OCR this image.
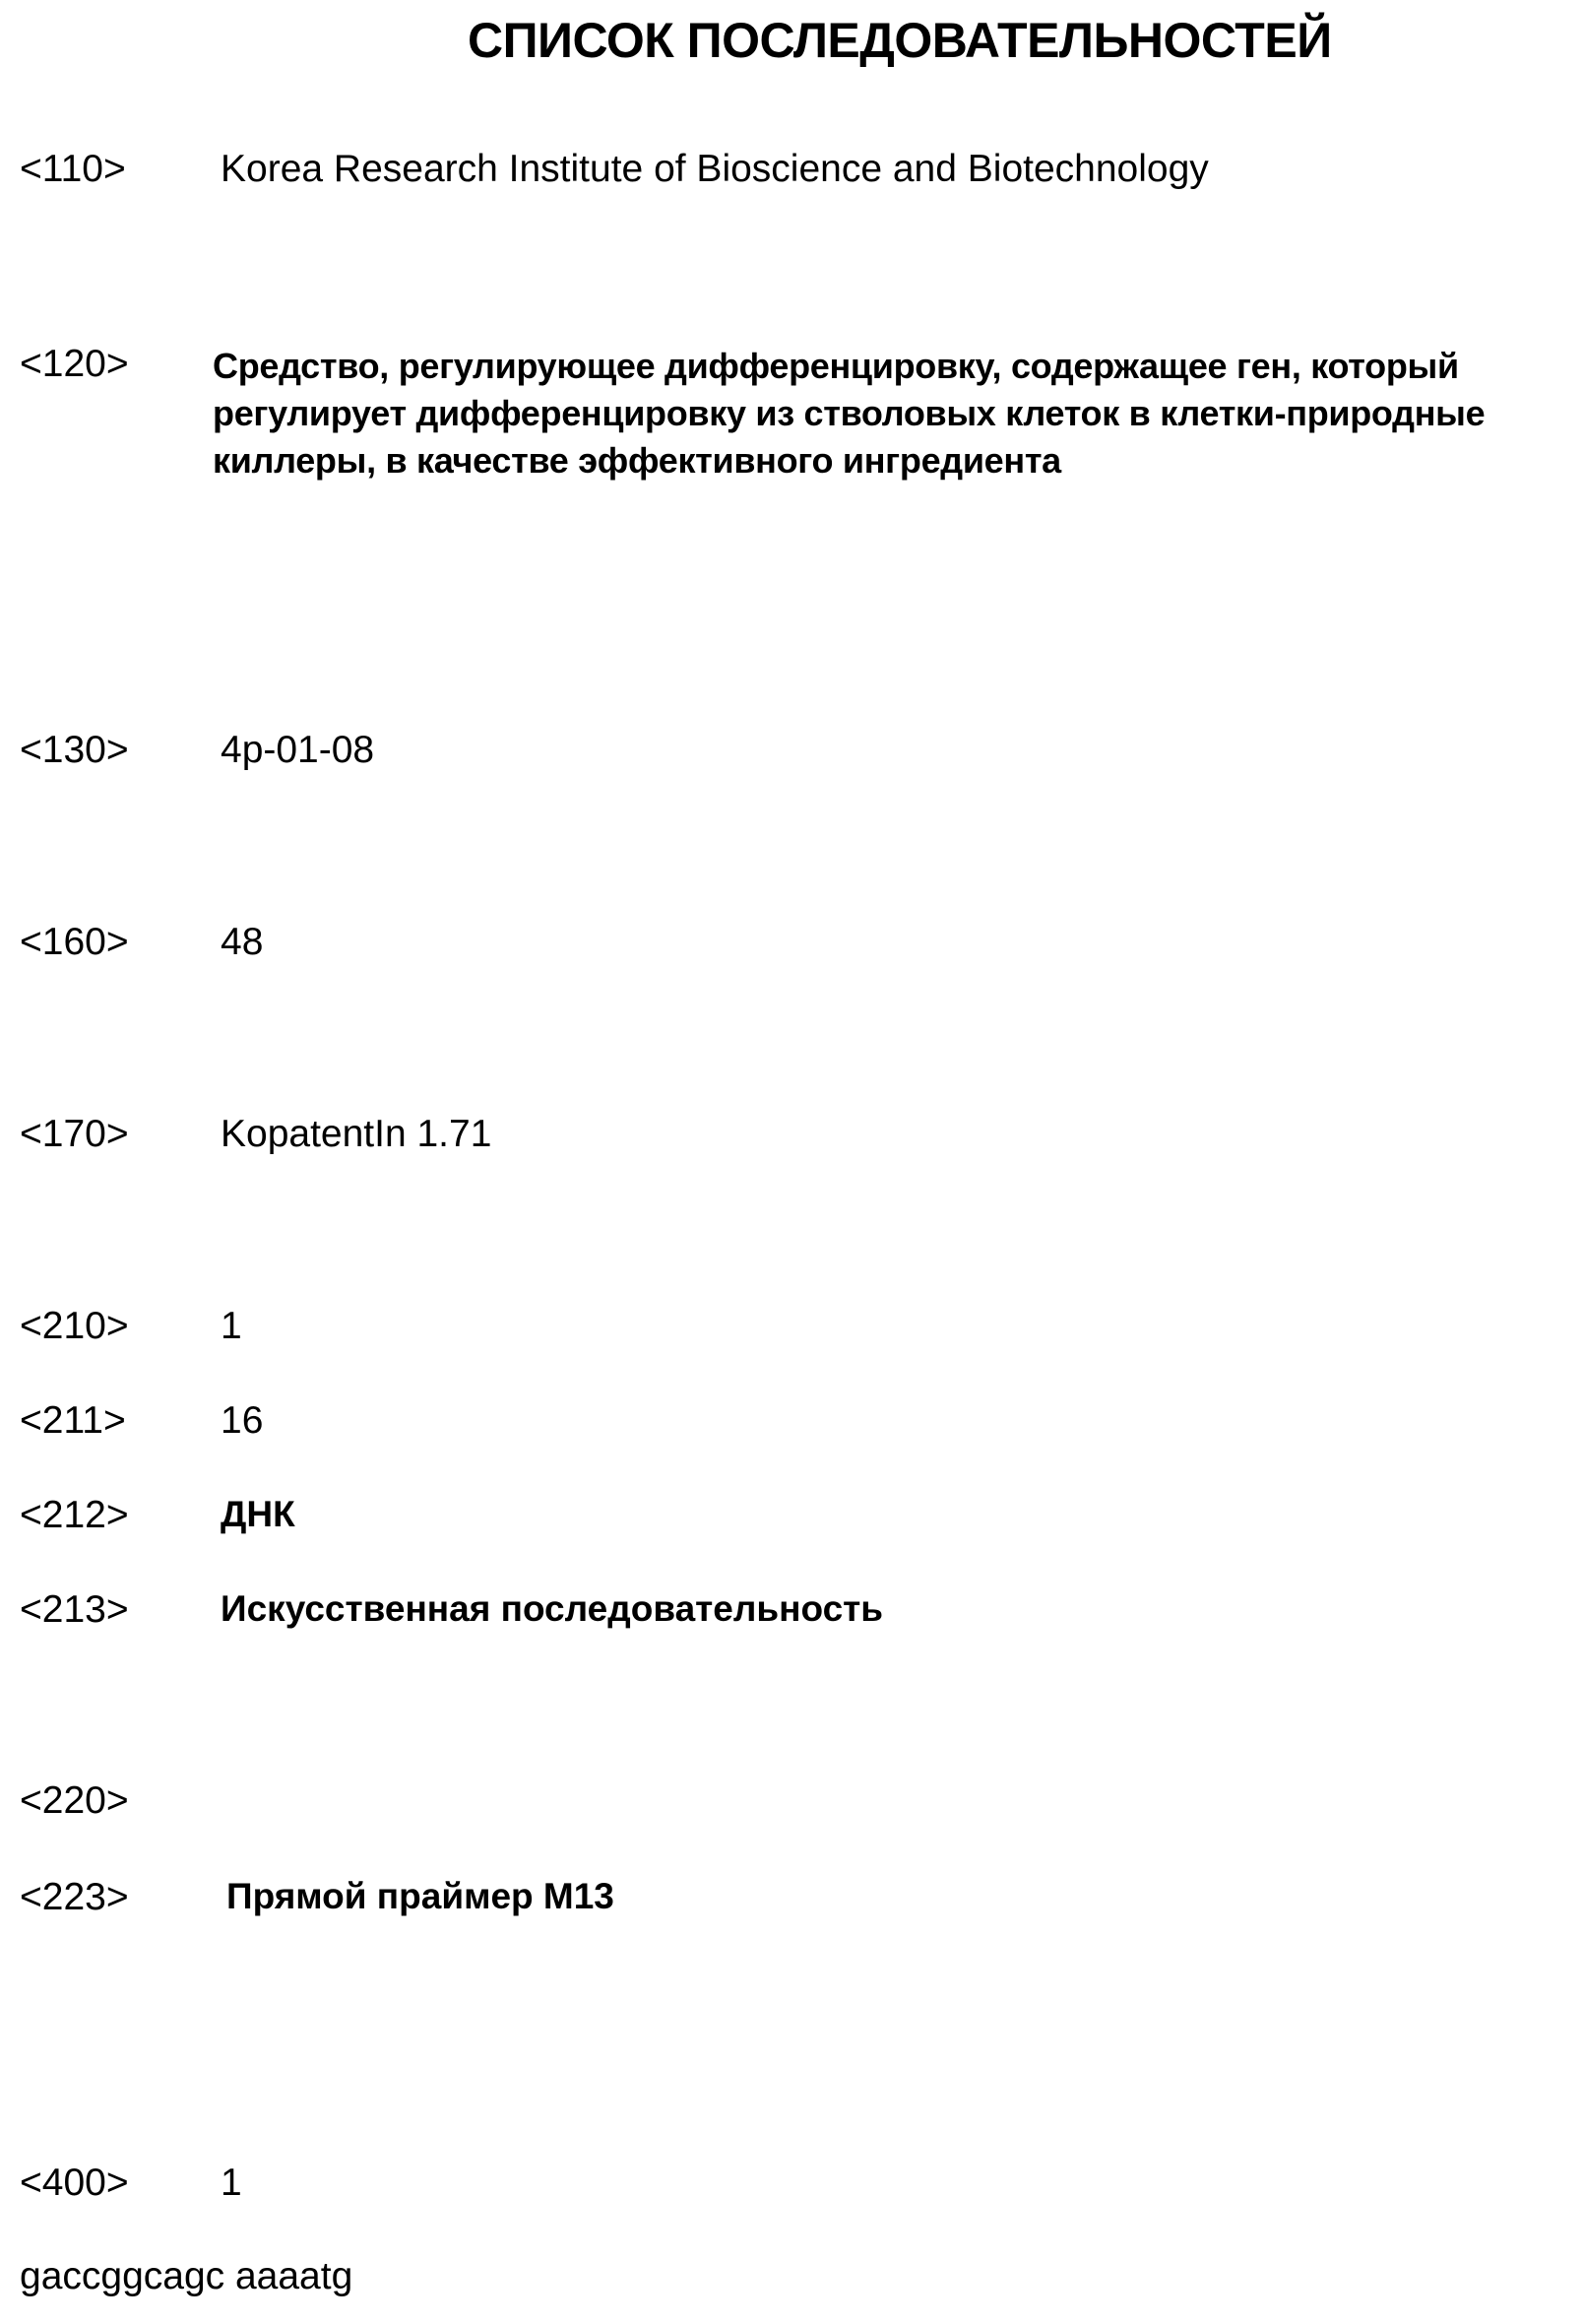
СПИСОК ПОСЛЕДОВАТЕЛЬНОСТЕЙ
<110> Korea Research Institute of Bioscience and Biotechnology
<120> Средство, регулирующее дифференцировку, содержащее ген, который регулирует дифференцировку из стволовых клеток в клетки-природные киллеры, в качестве эффективного ингредиента
<130> 4p-01-08
<160> 48
<170> KopatentIn 1.71
<210> 1
<211> 16
<212>	ДНК
<213>	Искусственная последовательность
<220>
<223>	Прямой праймер M13
<400> 1
gaccggcagc aaaatg
